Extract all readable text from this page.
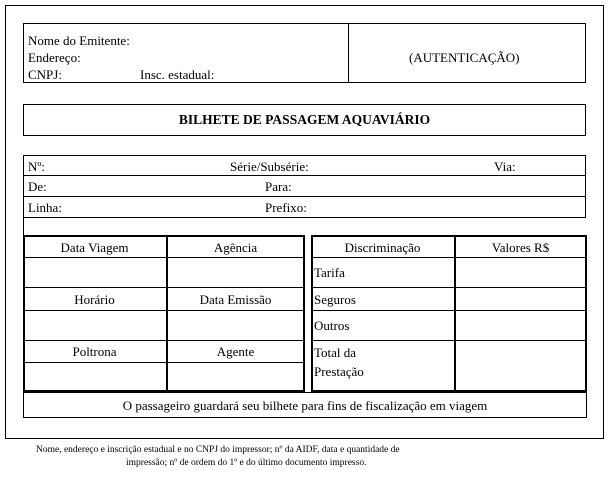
Nome do Emitente:
Endereço:
CNPJ:	Insc. estadual:
(AUTENTICAÇÃO)
BILHETE DE PASSAGEM AQUAVIÁRIO
Nº:	Série/Subsérie:	Via:
De:	Para:
Linha:	Prefixo:
Data Viagem	Agência
Horário	Data Emissão
Poltrona	Agente
Discriminação	Valores R$
Tarifa
Seguros
Outros
Total da
Prestação
O passageiro guardará seu bilhete para fins de fiscalização em viagem
Nome, endereço e inscrição estadual e no CNPJ do impressor; nº da AIDF, data e quantidade de
impressão; nº de ordem do 1º e do último documento impresso.
